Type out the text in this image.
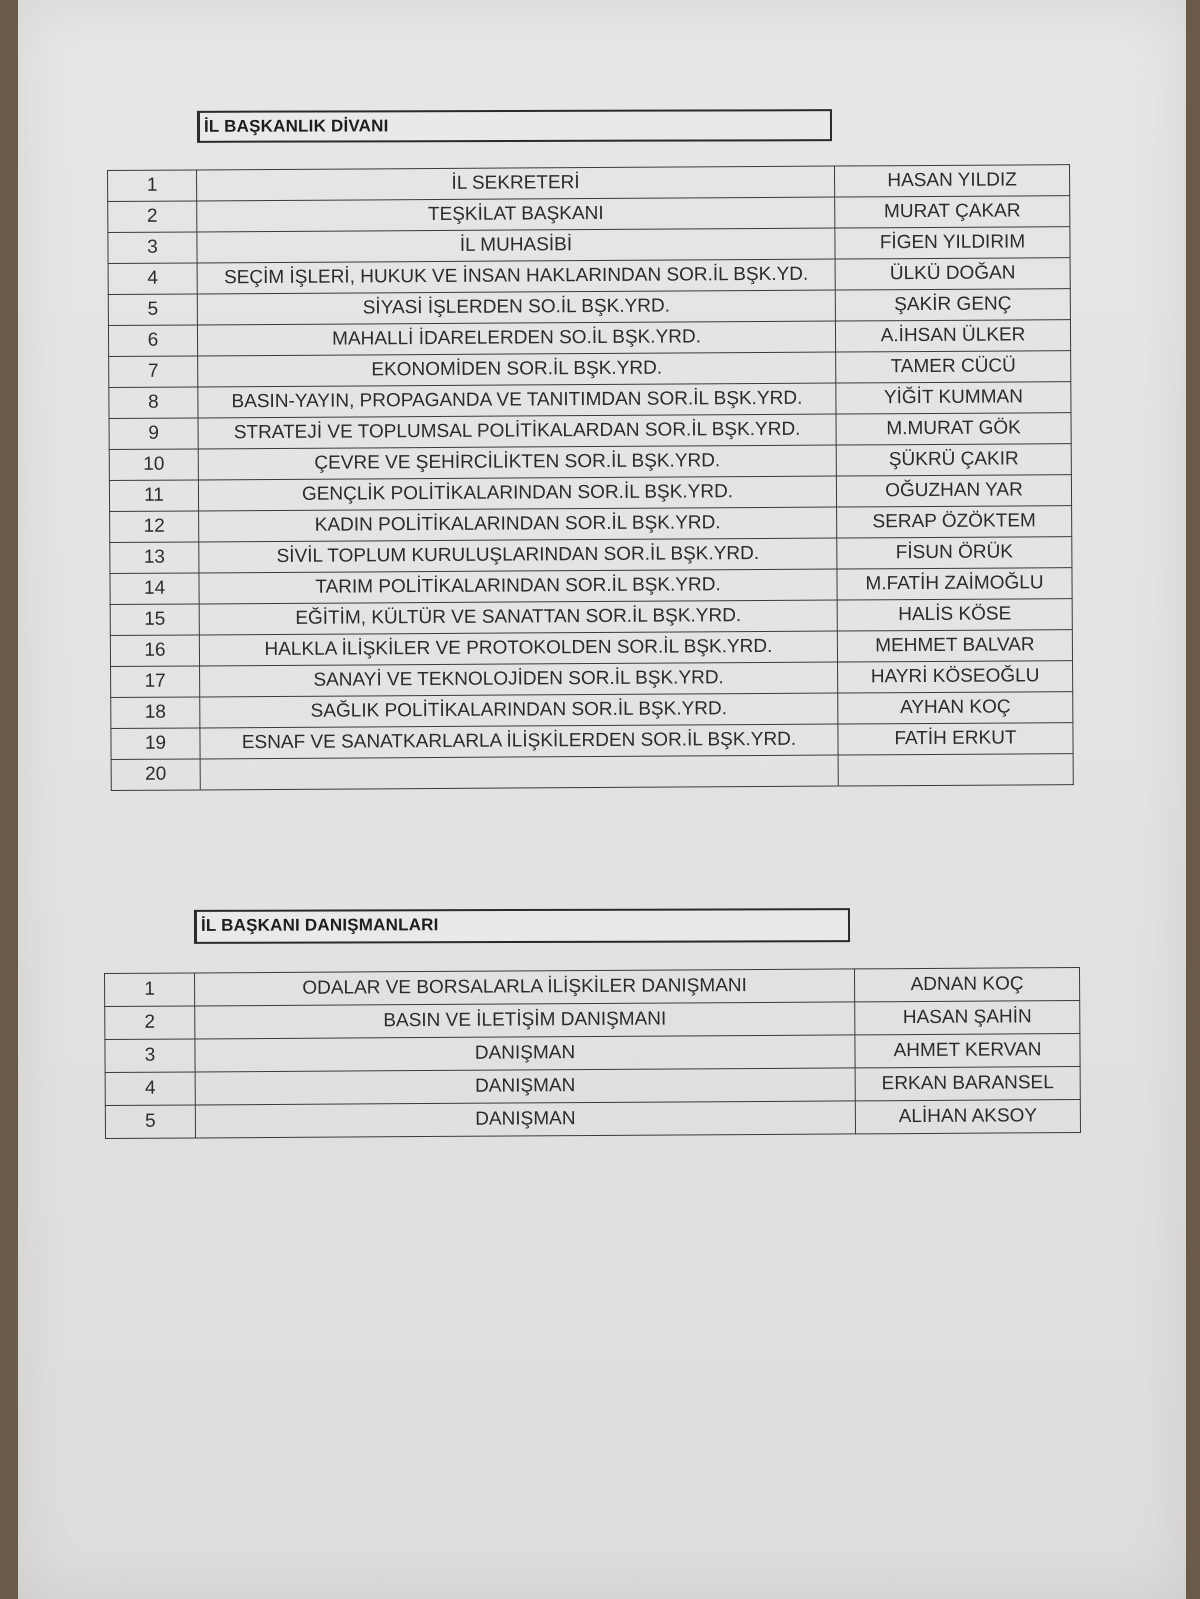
İL BAŞKANLIK DİVANI
1	İL SEKRETERİ	HASAN YILDIZ
2	TEŞKİLAT BAŞKANI	MURAT ÇAKAR
3	İL MUHASİBİ	FİGEN YILDIRIM
4	SEÇİM İŞLERİ, HUKUK VE İNSAN HAKLARINDAN SOR.İL BŞK.YD.	ÜLKÜ DOĞAN
5	SİYASİ İŞLERDEN SO.İL BŞK.YRD.	ŞAKİR GENÇ
6	MAHALLİ İDARELERDEN SO.İL BŞK.YRD.	A.İHSAN ÜLKER
7	EKONOMİDEN SOR.İL BŞK.YRD.	TAMER CÜCÜ
8	BASIN-YAYIN, PROPAGANDA VE TANITIMDAN SOR.İL BŞK.YRD.	YİĞİT KUMMAN
9	STRATEJİ VE TOPLUMSAL POLİTİKALARDAN SOR.İL BŞK.YRD.	M.MURAT GÖK
10	ÇEVRE VE ŞEHİRCİLİKTEN SOR.İL BŞK.YRD.	ŞÜKRÜ ÇAKIR
11	GENÇLİK POLİTİKALARINDAN SOR.İL BŞK.YRD.	OĞUZHAN YAR
12	KADIN POLİTİKALARINDAN SOR.İL BŞK.YRD.	SERAP ÖZÖKTEM
13	SİVİL TOPLUM KURULUŞLARINDAN SOR.İL BŞK.YRD.	FİSUN ÖRÜK
14	TARIM POLİTİKALARINDAN SOR.İL BŞK.YRD.	M.FATİH ZAİMOĞLU
15	EĞİTİM, KÜLTÜR VE SANATTAN SOR.İL BŞK.YRD.	HALİS KÖSE
16	HALKLA İLİŞKİLER VE PROTOKOLDEN SOR.İL BŞK.YRD.	MEHMET BALVAR
17	SANAYİ VE TEKNOLOJİDEN SOR.İL BŞK.YRD.	HAYRİ KÖSEOĞLU
18	SAĞLIK POLİTİKALARINDAN SOR.İL BŞK.YRD.	AYHAN KOÇ
19	ESNAF VE SANATKARLARLA İLİŞKİLERDEN SOR.İL BŞK.YRD.	FATİH ERKUT
20		
İL BAŞKANI DANIŞMANLARI
1	ODALAR VE BORSALARLA İLİŞKİLER DANIŞMANI	ADNAN KOÇ
2	BASIN VE İLETİŞİM DANIŞMANI	HASAN ŞAHİN
3	DANIŞMAN	AHMET KERVAN
4	DANIŞMAN	ERKAN BARANSEL
5	DANIŞMAN	ALİHAN AKSOY
